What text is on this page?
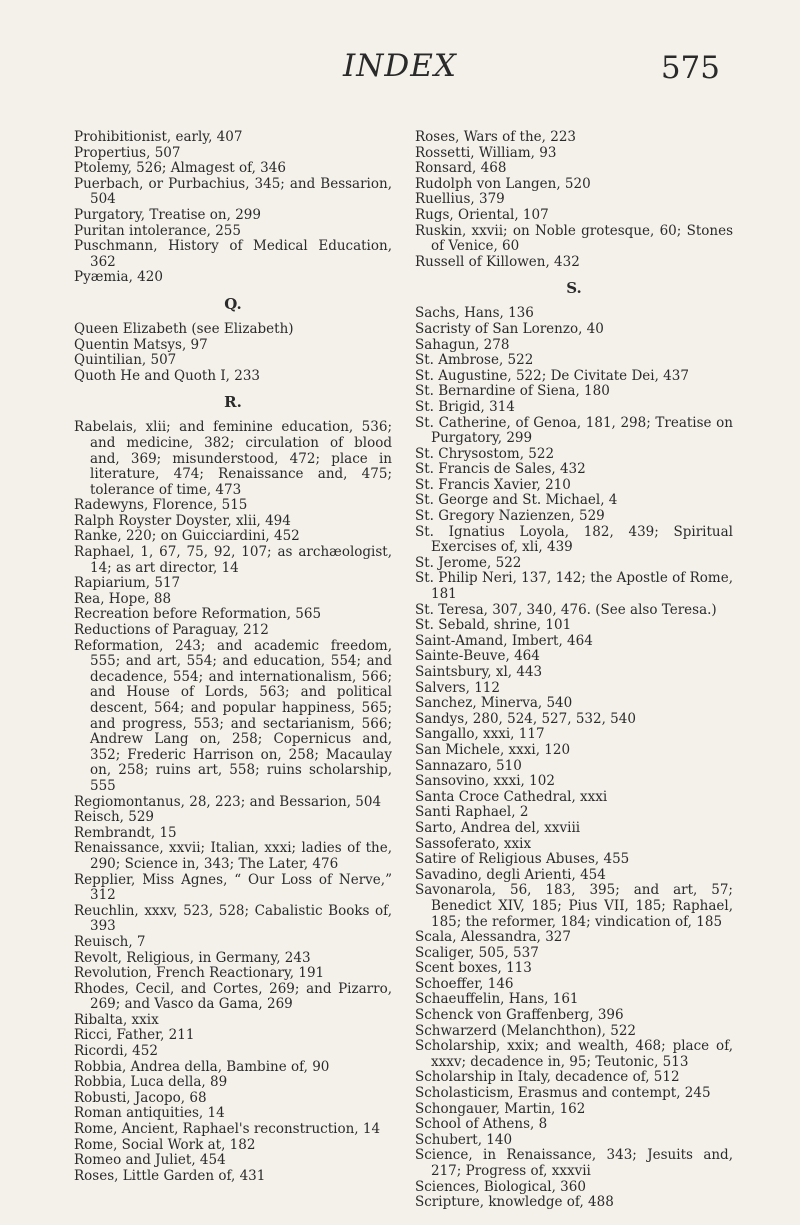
INDEX	575
Prohibitionist, early, 407
Propertius, 507
Ptolemy, 526; Almagest of, 346
Puerbach, or Purbachius, 345; and Bessarion, 504
Purgatory, Treatise on, 299
Puritan intolerance, 255
Puschmann, History of Medical Education, 362
Pyæmia, 420
Q.
Queen Elizabeth (see Elizabeth)
Quentin Matsys, 97
Quintilian, 507
Quoth He and Quoth I, 233
R.
Rabelais, xlii; and feminine education, 536; and medicine, 382; circulation of blood and, 369; misunderstood, 472; place in literature, 474; Renaissance and, 475; tolerance of time, 473
Radewyns, Florence, 515
Ralph Royster Doyster, xlii, 494
Ranke, 220; on Guicciardini, 452
Raphael, 1, 67, 75, 92, 107; as archæologist, 14; as art director, 14
Rapiarium, 517
Rea, Hope, 88
Recreation before Reformation, 565
Reductions of Paraguay, 212
Reformation, 243; and academic freedom, 555; and art, 554; and education, 554; and decadence, 554; and internationalism, 566; and House of Lords, 563; and political descent, 564; and popular happiness, 565; and progress, 553; and sectarianism, 566; Andrew Lang on, 258; Copernicus and, 352; Frederic Harrison on, 258; Macaulay on, 258; ruins art, 558; ruins scholarship, 555
Regiomontanus, 28, 223; and Bessarion, 504
Reisch, 529
Rembrandt, 15
Renaissance, xxvii; Italian, xxxi; ladies of the, 290; Science in, 343; The Later, 476
Repplier, Miss Agnes, “ Our Loss of Nerve,” 312
Reuchlin, xxxv, 523, 528; Cabalistic Books of, 393
Reuisch, 7
Revolt, Religious, in Germany, 243
Revolution, French Reactionary, 191
Rhodes, Cecil, and Cortes, 269; and Pizarro, 269; and Vasco da Gama, 269
Ribalta, xxix
Ricci, Father, 211
Ricordi, 452
Robbia, Andrea della, Bambine of, 90
Robbia, Luca della, 89
Robusti, Jacopo, 68
Roman antiquities, 14
Rome, Ancient, Raphael's reconstruction, 14
Rome, Social Work at, 182
Romeo and Juliet, 454
Roses, Little Garden of, 431
Roses, Wars of the, 223
Rossetti, William, 93
Ronsard, 468
Rudolph von Langen, 520
Ruellius, 379
Rugs, Oriental, 107
Ruskin, xxvii; on Noble grotesque, 60; Stones of Venice, 60
Russell of Killowen, 432
S.
Sachs, Hans, 136
Sacristy of San Lorenzo, 40
Sahagun, 278
St. Ambrose, 522
St. Augustine, 522; De Civitate Dei, 437
St. Bernardine of Siena, 180
St. Brigid, 314
St. Catherine, of Genoa, 181, 298; Treatise on Purgatory, 299
St. Chrysostom, 522
St. Francis de Sales, 432
St. Francis Xavier, 210
St. George and St. Michael, 4
St. Gregory Nazienzen, 529
St. Ignatius Loyola, 182, 439; Spiritual Exercises of, xli, 439
St. Jerome, 522
St. Philip Neri, 137, 142; the Apostle of Rome, 181
St. Teresa, 307, 340, 476. (See also Teresa.)
St. Sebald, shrine, 101
Saint-Amand, Imbert, 464
Sainte-Beuve, 464
Saintsbury, xl, 443
Salvers, 112
Sanchez, Minerva, 540
Sandys, 280, 524, 527, 532, 540
Sangallo, xxxi, 117
San Michele, xxxi, 120
Sannazaro, 510
Sansovino, xxxi, 102
Santa Croce Cathedral, xxxi
Santi Raphael, 2
Sarto, Andrea del, xxviii
Sassoferato, xxix
Satire of Religious Abuses, 455
Savadino, degli Arienti, 454
Savonarola, 56, 183, 395; and art, 57; Benedict XIV, 185; Pius VII, 185; Raphael, 185; the reformer, 184; vindication of, 185
Scala, Alessandra, 327
Scaliger, 505, 537
Scent boxes, 113
Schoeffer, 146
Schaeuffelin, Hans, 161
Schenck von Graffenberg, 396
Schwarzerd (Melanchthon), 522
Scholarship, xxix; and wealth, 468; place of, xxxv; decadence in, 95; Teutonic, 513
Scholarship in Italy, decadence of, 512
Scholasticism, Erasmus and contempt, 245
Schongauer, Martin, 162
School of Athens, 8
Schubert, 140
Science, in Renaissance, 343; Jesuits and, 217; Progress of, xxxvii
Sciences, Biological, 360
Scripture, knowledge of, 488
